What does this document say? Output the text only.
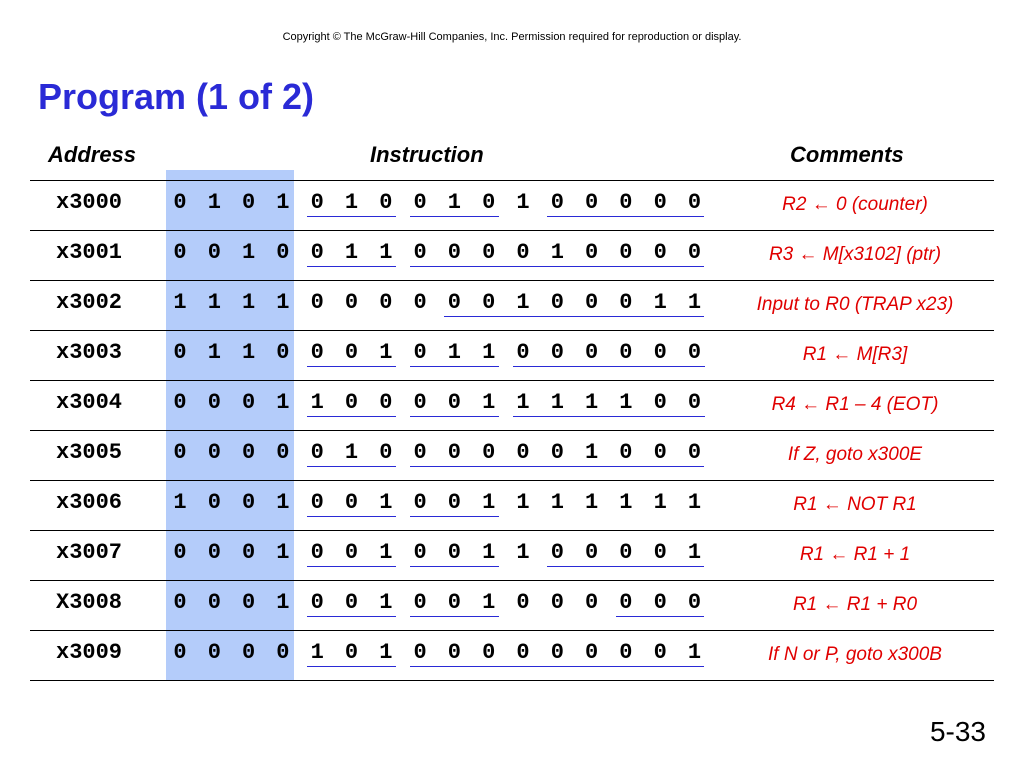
Copyright © The McGraw-Hill Companies, Inc. Permission required for reproduction or display.
Program (1 of 2)
Address	Instruction	Comments
x3000 0 1 0 1 0 1 0 0 1 0 1 0 0 0 0 0	R2 ← 0 (counter)
x3001 0 0 1 0 0 1 1 0 0 0 0 1 0 0 0 0	R3 ← M[x3102] (ptr)
x3002 1 1 1 1 0 0 0 0 0 0 1 0 0 0 1 1	Input to R0 (TRAP x23)
x3003 0 1 1 0 0 0 1 0 1 1 0 0 0 0 0 0	R1 ← M[R3]
x3004 0 0 0 1 1 0 0 0 0 1 1 1 1 1 0 0	R4 ← R1 – 4 (EOT)
x3005 0 0 0 0 0 1 0 0 0 0 0 0 1 0 0 0	If Z, goto x300E
x3006 1 0 0 1 0 0 1 0 0 1 1 1 1 1 1 1	R1 ← NOT R1
x3007 0 0 0 1 0 0 1 0 0 1 1 0 0 0 0 1	R1 ← R1 + 1
X3008 0 0 0 1 0 0 1 0 0 1 0 0 0 0 0 0	R1 ← R1 + R0
x3009 0 0 0 0 1 0 1 0 0 0 0 0 0 0 0 1	If N or P, goto x300B
5-33
